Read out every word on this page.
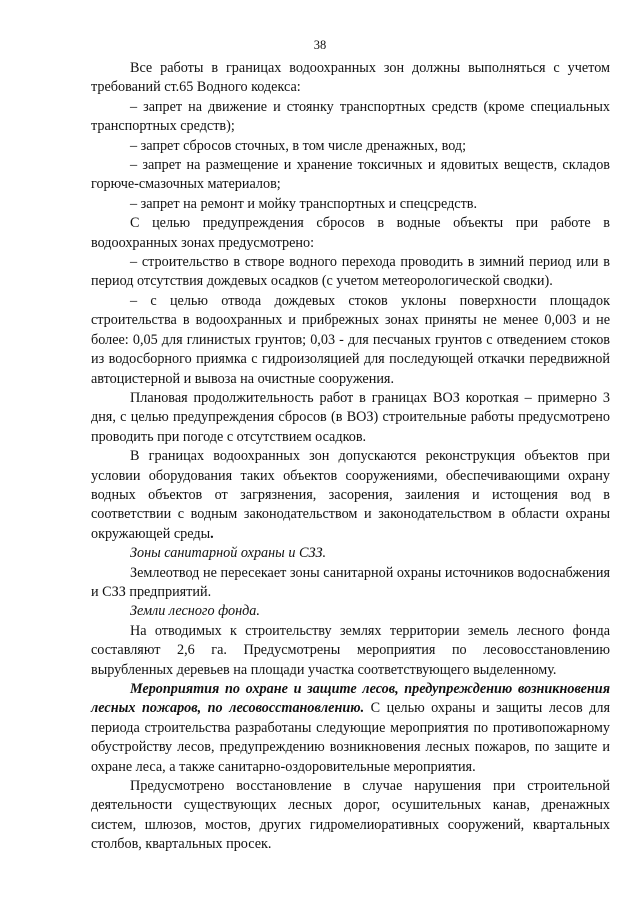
38

Все работы в границах водоохранных зон должны выполняться с учетом требований ст.65 Водного кодекса:

– запрет на движение и стоянку транспортных средств (кроме специальных транспортных средств);

– запрет сбросов сточных, в том числе дренажных, вод;

– запрет на размещение и хранение токсичных и ядовитых веществ, складов горюче-смазочных материалов;

– запрет на ремонт и мойку транспортных и спецсредств.

С целью предупреждения сбросов в водные объекты при работе в водоохранных зонах предусмотрено:

– строительство в створе водного перехода проводить в зимний период или в период отсутствия дождевых осадков (с учетом метеорологической сводки).

– с целью отвода дождевых стоков уклоны поверхности площадок строительства в водоохранных и прибрежных зонах приняты не менее 0,003 и не более: 0,05 для глинистых грунтов; 0,03 - для песчаных грунтов с отведением стоков из водосборного приямка с гидроизоляцией для последующей откачки передвижной автоцистерной и вывоза на очистные сооружения.

Плановая продолжительность работ в границах ВОЗ короткая – примерно 3 дня, с целью предупреждения сбросов (в ВОЗ) строительные работы предусмотрено проводить при погоде с отсутствием осадков.

В границах водоохранных зон допускаются реконструкция объектов при условии оборудования таких объектов сооружениями, обеспечивающими охрану водных объектов от загрязнения, засорения, заиления и истощения вод в соответствии с водным законодательством и законодательством в области охраны окружающей среды.

Зоны санитарной охраны и СЗЗ.

Землеотвод не пересекает зоны санитарной охраны источников водоснабжения и СЗЗ предприятий.

Земли лесного фонда.

На отводимых к строительству землях территории земель лесного фонда составляют 2,6 га. Предусмотрены мероприятия по лесовосстановлению вырубленных деревьев на площади участка соответствующего выделенному.

Мероприятия по охране и защите лесов, предупреждению возникновения лесных пожаров, по лесовосстановлению. С целью охраны и защиты лесов для периода строительства разработаны следующие мероприятия по противопожарному обустройству лесов, предупреждению возникновения лесных пожаров, по защите и охране леса, а также санитарно-оздоровительные мероприятия.

Предусмотрено восстановление в случае нарушения при строительной деятельности существующих лесных дорог, осушительных канав, дренажных систем, шлюзов, мостов, других гидромелиоративных сооружений, квартальных столбов, квартальных просек.
